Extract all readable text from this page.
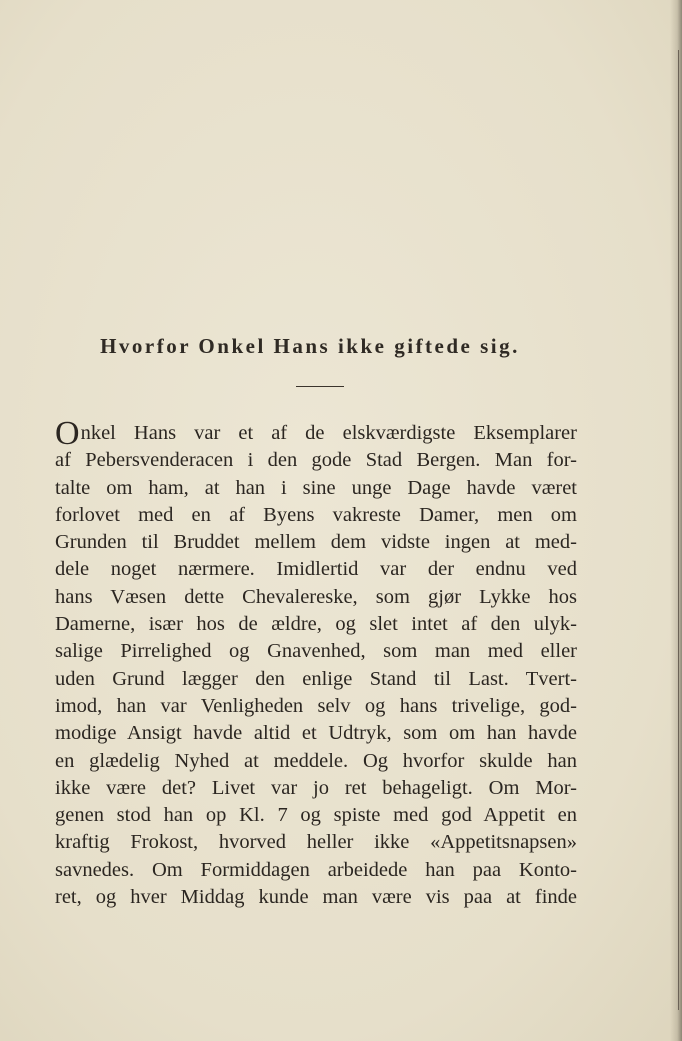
Hvorfor Onkel Hans ikke giftede sig.
O nkel Hans var et af de elskværdigste Eksemplarer
af Pebersvenderacen i den gode Stad Bergen. Man for-
talte om ham, at han i sine unge Dage havde været
forlovet med en af Byens vakreste Damer, men om
Grunden til Bruddet mellem dem vidste ingen at med-
dele noget nærmere. Imidlertid var der endnu ved
hans Væsen dette Chevalereske, som gjør Lykke hos
Damerne, især hos de ældre, og slet intet af den ulyk-
salige Pirrelighed og Gnavenhed, som man med eller
uden Grund lægger den enlige Stand til Last. Tvert-
imod, han var Venligheden selv og hans trivelige, god-
modige Ansigt havde altid et Udtryk, som om han havde
en glædelig Nyhed at meddele. Og hvorfor skulde han
ikke være det? Livet var jo ret behageligt. Om Mor-
genen stod han op Kl. 7 og spiste med god Appetit en
kraftig Frokost, hvorved heller ikke «Appetitsnapsen»
savnedes. Om Formiddagen arbeidede han paa Konto-
ret, og hver Middag kunde man være vis paa at finde
